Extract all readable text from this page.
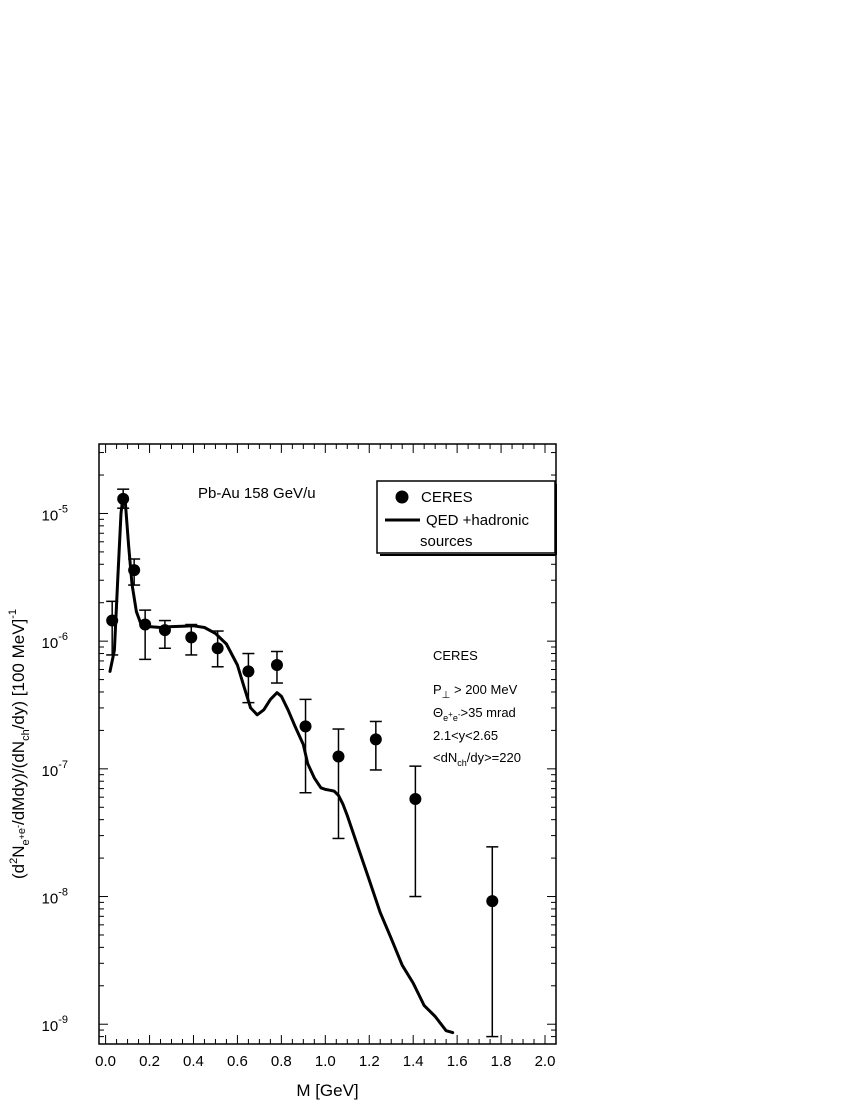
0.0 0.2 0.4 0.6 0.8 1.0 1.2 1.4 1.6 1.8 2.0
$10^{-5}$
$10^{-6}$
$10^{-7}$
$10^{-8}$
$10^{-9}$
Pb-Au 158 GeV/u
M [GeV]
$(d^2N_e^+e^-/dMdy)/(dN_{ch}/dy)$ [100 MeV]$^{-1}$
CERES
QED +hadronic
sources
CERES
$P_\perp > 200$ MeV
$\Theta_e^+_e^->35$ mrad
2.1<y<2.65
$<dN_{ch}/dy>=220$
